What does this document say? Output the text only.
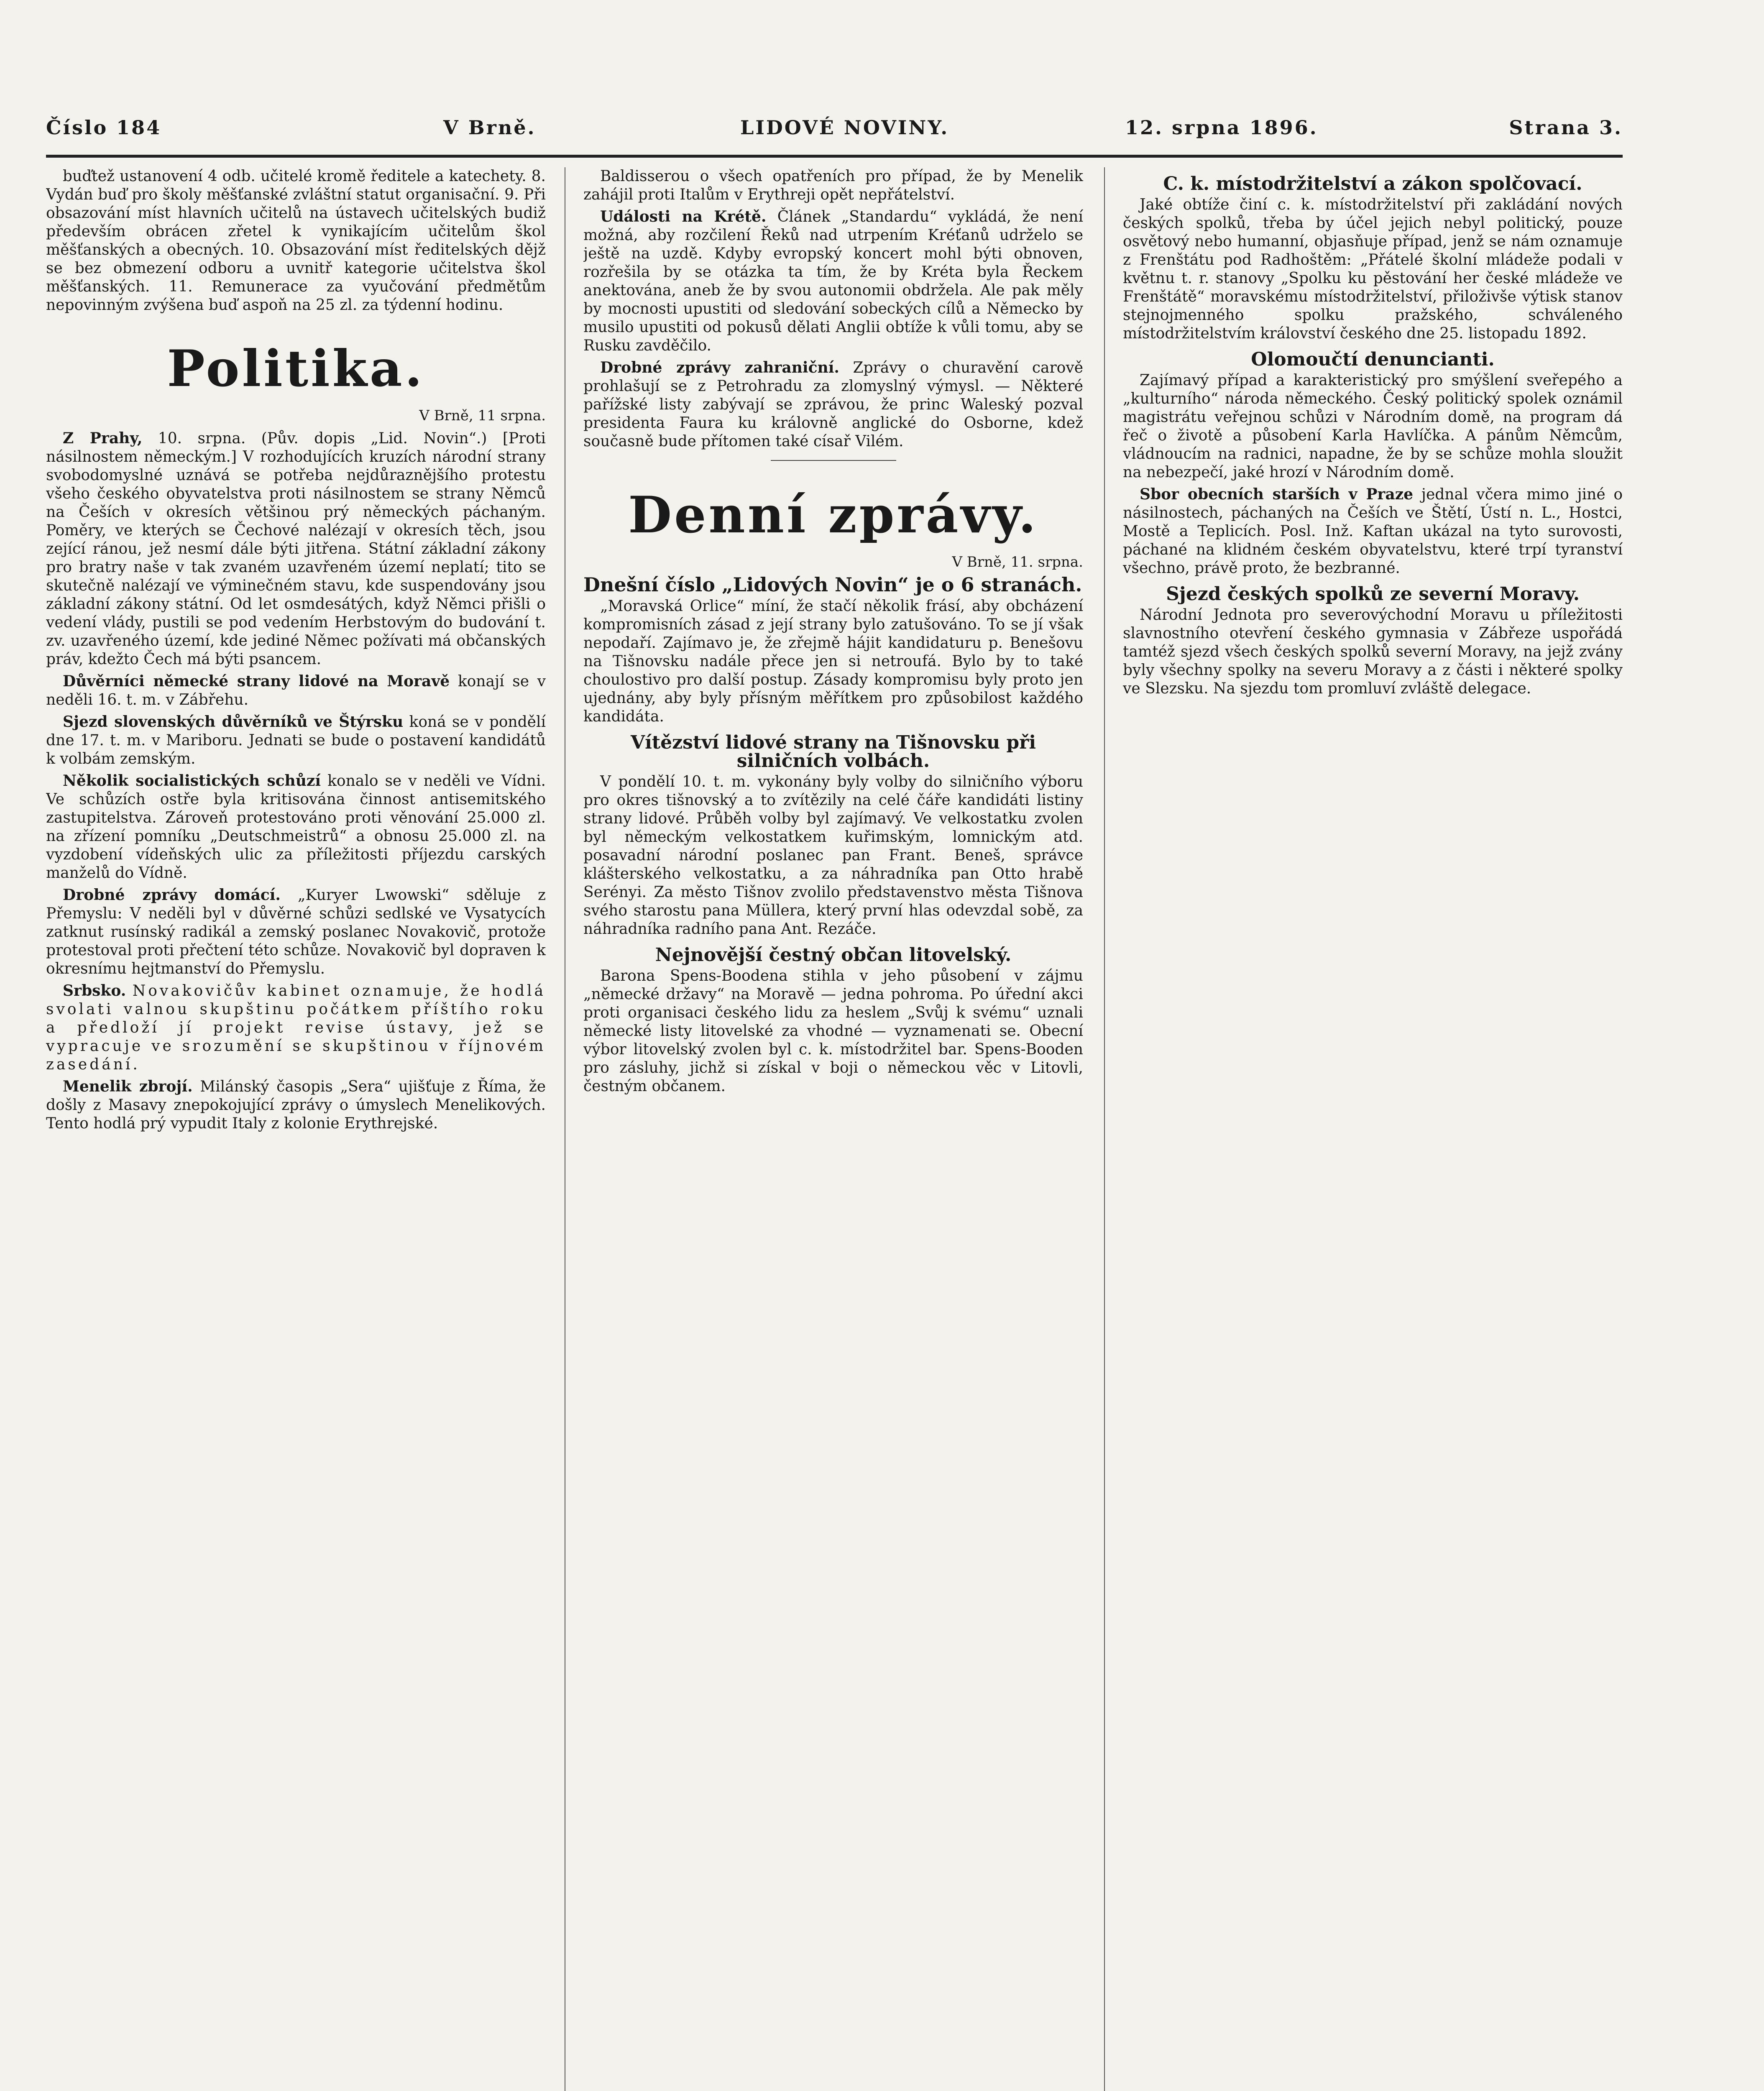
Číslo 184	V Brně.	LIDOVÉ NOVINY.	12. srpna 1896.	Strana 3.

buďtež ustanovení 4 odb. učitelé kromě ředitele a katechety. 8. Vydán buď pro školy měšťanské zvláštní statut organisační. 9. Při obsazování míst hlavních učitelů na ústavech učitelských budiž především obrácen zřetel k vynikajícím učitelům škol měšťanských a obecných. 10. Obsazování míst ředitelských dějž se bez obmezení odboru a uvnitř kategorie učitelstva škol měšťanských. 11. Remunerace za vyučování předmětům nepovinným zvýšena buď aspoň na 25 zl. za týdenní hodinu.

Politika.

V Brně, 11 srpna.

Z Prahy, 10. srpna. (Pův. dopis „Lid. Novin“.) [Proti násilnostem německým.] V rozhodujících kruzích národní strany svobodomyslné uznává se potřeba nejdůraznějšího protestu všeho českého obyvatelstva proti násilnostem se strany Němců na Češích v okresích většinou prý německých páchaným. Poměry, ve kterých se Čechové nalézají v okresích těch, jsou zející ránou, jež nesmí dále býti jitřena. Státní základní zákony pro bratry naše v tak zvaném uzavřeném území neplatí; tito se skutečně nalézají ve výminečném stavu, kde suspendovány jsou základní zákony státní. Od let osmdesátých, když Němci přišli o vedení vlády, pustili se pod vedením Herbstovým do budování t. zv. uzavřeného území, kde jediné Němec požívati má občanských práv, kdežto Čech má býti psancem.

Důvěrníci německé strany lidové na Moravě konají se v neděli 16. t. m. v Zábřehu.

Sjezd slovenských důvěrníků ve Štýrsku koná se v pondělí dne 17. t. m. v Mariboru. Jednati se bude o postavení kandidátů k volbám zemským.

Několik socialistických schůzí konalo se v neděli ve Vídni. Ve schůzích ostře byla kritisována činnost antisemitského zastupitelstva. Zároveň protestováno proti věnování 25.000 zl. na zřízení pomníku „Deutschmeistrů“ a obnosu 25.000 zl. na vyzdobení vídeňských ulic za příležitosti příjezdu carských manželů do Vídně.

Drobné zprávy domácí. „Kuryer Lwowski“ sděluje z Přemyslu: V neděli byl v důvěrné schůzi sedlské ve Vysatycích zatknut rusínský radikál a zemský poslanec Novakovič, protože protestoval proti přečtení této schůze. Novakovič byl dopraven k okresnímu hejtmanství do Přemyslu.

Srbsko. Novakovičův kabinet oznamuje, že hodlá svolati valnou skupštinu počátkem příštího roku a předloží jí projekt revise ústavy, jež se vypracuje ve srozumění se skupštinou v říjnovém zasedání.

Menelik zbrojí. Milánský časopis „Sera“ ujišťuje z Říma, že došly z Masavy znepokojující zprávy o úmyslech Menelikových. Tento hodlá prý vypudit Italy z kolonie Erythrejské.

Baldisserou o všech opatřeních pro případ, že by Menelik zahájil proti Italům v Erythreji opět nepřátelství.

Události na Krétě. Článek „Standardu“ vykládá, že není možná, aby rozčilení Řeků nad utrpením Kréťanů udrželo se ještě na uzdě. Kdyby evropský koncert mohl býti obnoven, rozřešila by se otázka ta tím, že by Kréta byla Řeckem anektována, aneb že by svou autonomii obdržela. Ale pak měly by mocnosti upustiti od sledování sobeckých cílů a Německo by musilo upustiti od pokusů dělati Anglii obtíže k vůli tomu, aby se Rusku zavděčilo.

Drobné zprávy zahraniční. Zprávy o churavění carově prohlašují se z Petrohradu za zlomyslný výmysl. — Některé pařížské listy zabývají se zprávou, že princ Waleský pozval presidenta Faura ku královně anglické do Osborne, kdež současně bude přítomen také císař Vilém.

Denní zprávy.

V Brně, 11. srpna.

Dnešní číslo „Lidových Novin“ je o 6 stranách.

„Moravská Orlice“ míní, že stačí několik frásí, aby obcházení kompromisních zásad z její strany bylo zatušováno. To se jí však nepodaří. Zajímavo je, že zřejmě hájit kandidaturu p. Benešovu na Tišnovsku nadále přece jen si netroufá. Bylo by to také choulostivo pro další postup. Zásady kompromisu byly proto jen ujednány, aby byly přísným měřítkem pro způsobilost každého kandidáta.

Vítězství lidové strany na Tišnovsku při silničních volbách.

V pondělí 10. t. m. vykonány byly volby do silničního výboru pro okres tišnovský a to zvítězily na celé čáře kandidáti listiny strany lidové. Průběh volby byl zajímavý. Ve velkostatku zvolen byl německým velkostatkem kuřimským, lomnickým atd. posavadní národní poslanec pan Frant. Beneš, správce klášterského velkostatku, a za náhradníka pan Otto hrabě Serényi. Za město Tišnov zvolilo představenstvo města Tišnova svého starostu pana Müllera, který první hlas odevzdal sobě, za náhradníka radního pana Ant. Rezáče.

Nejnovější čestný občan litovelský.

Barona Spens-Boodena stihla v jeho působení v zájmu „německé državy“ na Moravě — jedna pohroma. Po úřední akci proti organisaci českého lidu za heslem „Svůj k svému“ uznali německé listy litovelské za vhodné — vyznamenati se. Obecní výbor litovelský zvolen byl c. k. místodržitel bar. Spens-Booden pro zásluhy, jichž si získal v boji o německou věc v Litovli, čestným občanem.

C. k. místodržitelství a zákon spolčovací.

Jaké obtíže činí c. k. místodržitelství při zakládání nových českých spolků, třeba by účel jejich nebyl politický, pouze osvětový nebo humanní, objasňuje případ, jenž se nám oznamuje z Frenštátu pod Radhoštěm: „Přátelé školní mládeže podali v květnu t. r. stanovy „Spolku ku pěstování her české mládeže ve Frenštátě“ moravskému místodržitelství, přiloživše výtisk stanov stejnojmenného spolku pražského, schváleného místodržitelstvím království českého dne 25. listopadu 1892.

Olomoučtí denuncianti.

Zajímavý případ a karakteristický pro smýšlení sveřepého a „kulturního“ národa německého. Český politický spolek oznámil magistrátu veřejnou schůzi v Národním domě, na program dá řeč o životě a působení Karla Havlíčka. A pánům Němcům, vládnoucím na radnici, napadne, že by se schůze mohla sloužit na nebezpečí, jaké hrozí v Národním domě.

Sbor obecních starších v Praze jednal včera mimo jiné o násilnostech, páchaných na Češích ve Štětí, Ústí n. L., Hostci, Mostě a Teplicích. Posl. Inž. Kaftan ukázal na tyto surovosti, páchané na klidném českém obyvatelstvu, které trpí tyranství všechno, právě proto, že bezbranné.

Sjezd českých spolků ze severní Moravy.

Národní Jednota pro severovýchodní Moravu u příležitosti slavnostního otevření českého gymnasia v Zábřeze uspořádá tamtéž sjezd všech českých spolků severní Moravy, na jejž zvány byly všechny spolky na severu Moravy a z části i některé spolky ve Slezsku. Na sjezdu tom promluví zvláště delegace.
